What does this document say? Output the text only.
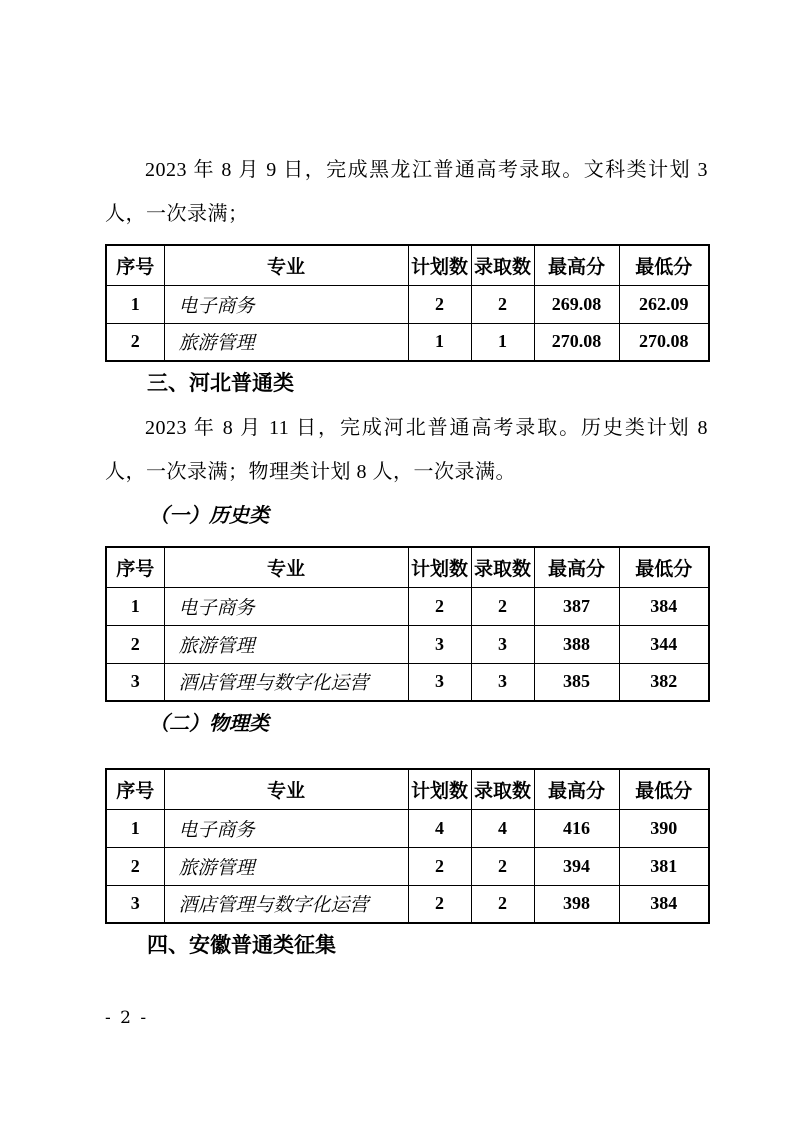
2023 年 8 月 9 日，完成黑龙江普通高考录取。文科类计划 3 人，一次录满；

序号	专业	计划数	录取数	最高分	最低分
1	电子商务	2	2	269.08	262.09
2	旅游管理	1	1	270.08	270.08
三、河北普通类

2023 年 8 月 11 日，完成河北普通高考录取。历史类计划 8 人，一次录满；物理类计划 8 人，一次录满。

（一）历史类
序号	专业	计划数	录取数	最高分	最低分
1	电子商务	2	2	387	384
2	旅游管理	3	3	388	344
3	酒店管理与数字化运营	3	3	385	382
（二）物理类
序号	专业	计划数	录取数	最高分	最低分
1	电子商务	4	4	416	390
2	旅游管理	2	2	394	381
3	酒店管理与数字化运营	2	2	398	384
四、安徽普通类征集
- 2 -
